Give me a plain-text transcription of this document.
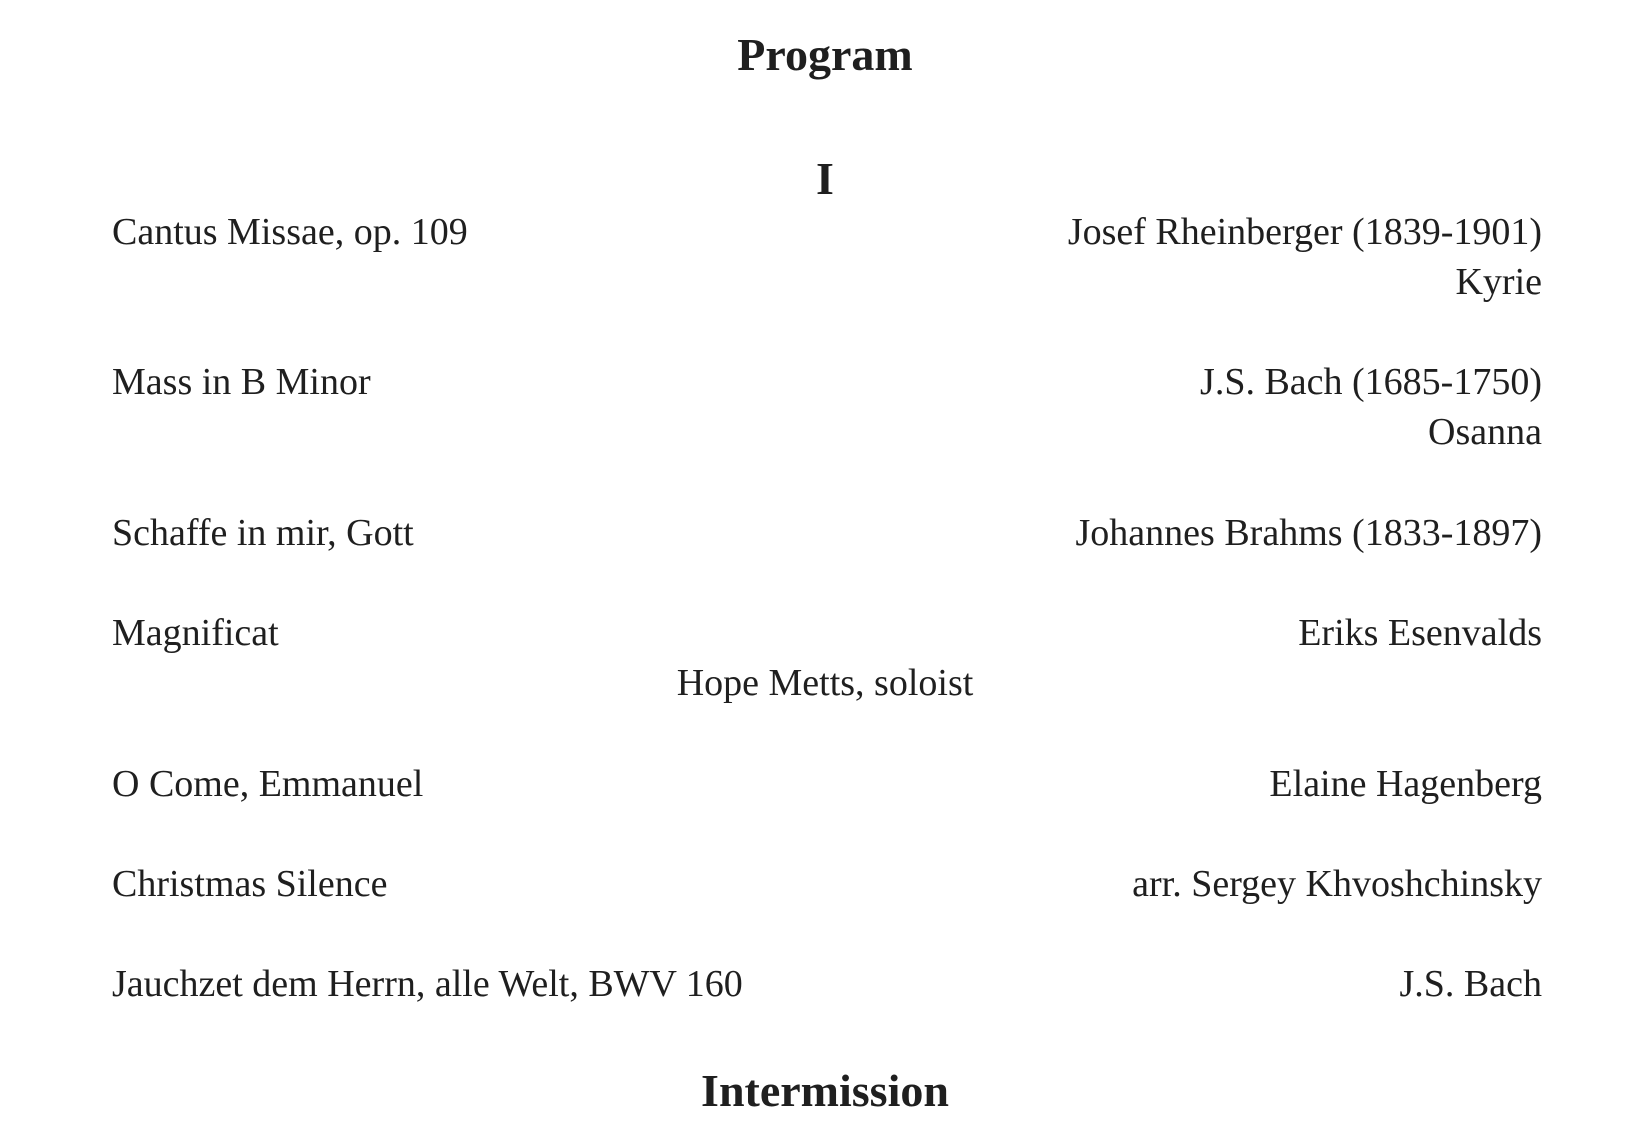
Program
I

Cantus Missae, op. 109	Josef Rheinberger (1839-1901)

Kyrie

Mass in B Minor	J.S. Bach (1685-1750)

Osanna

Schaffe in mir, Gott	Johannes Brahms (1833-1897)

Magnificat	Eriks Esenvalds

Hope Metts, soloist

O Come, Emmanuel	Elaine Hagenberg

Christmas Silence	arr. Sergey Khvoshchinsky

Jauchzet dem Herrn, alle Welt, BWV 160	J.S. Bach

Intermission
